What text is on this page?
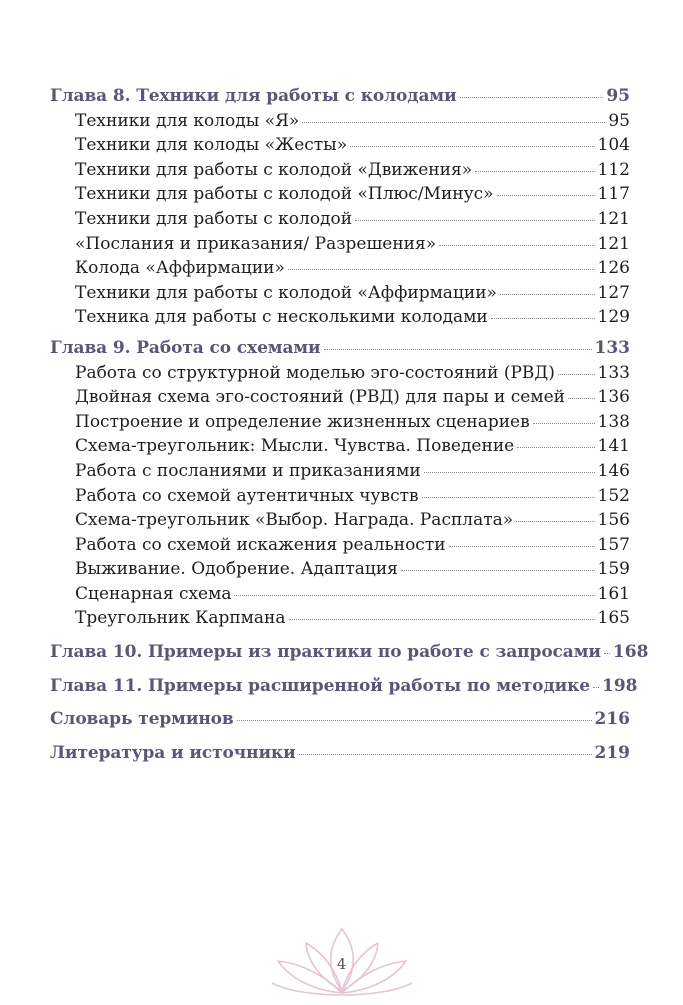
Глава 8. Техники для работы с колодами	95
Техники для колоды «Я»	95
Техники для колоды «Жесты»	104
Техники для работы с колодой «Движения»	112
Техники для работы с колодой «Плюс/Минус»	117
Техники для работы с колодой	121
«Послания и приказания/ Разрешения»	121
Колода «Аффирмации»	126
Техники для работы с колодой «Аффирмации»	127
Техника для работы с несколькими колодами	129
Глава 9. Работа со схемами	133
Работа со структурной моделью эго-состояний (РВД)	133
Двойная схема эго-состояний (РВД) для пары и семей 136
Построение и определение жизненных сценариев	138
Схема-треугольник: Мысли. Чувства. Поведение	141
Работа с посланиями и приказаниями	146
Работа со схемой аутентичных чувств	152
Схема-треугольник «Выбор. Награда. Расплата»	156
Работа со схемой искажения реальности	157
Выживание. Одобрение. Адаптация	159
Сценарная схема	161
Треугольник Карпмана	165
Глава 10. Примеры из практики по работе с запросами 168
Глава 11. Примеры расширенной работы по методике 198
Словарь терминов	216
Литература и источники	219
4
